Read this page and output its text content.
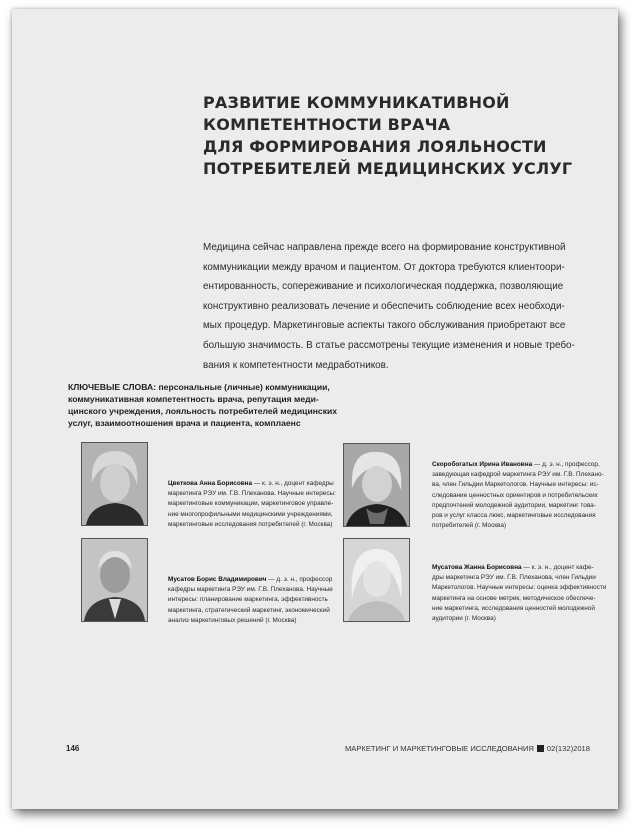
РАЗВИТИЕ КОММУНИКАТИВНОЙ
КОМПЕТЕНТНОСТИ ВРАЧА
ДЛЯ ФОРМИРОВАНИЯ ЛОЯЛЬНОСТИ
ПОТРЕБИТЕЛЕЙ МЕДИЦИНСКИХ УСЛУГ
Медицина сейчас направлена прежде всего на формирование конструктивной
коммуникации между врачом и пациентом. От доктора требуются клиентоори-
ентированность, сопереживание и психологическая поддержка, позволяющие
конструктивно реализовать лечение и обеспечить соблюдение всех необходи-
мых процедур. Маркетинговые аспекты такого обслуживания приобретают все
большую значимость. В статье рассмотрены текущие изменения и новые требо-
вания к компетентности медработников.
КЛЮЧЕВЫЕ СЛОВА: персональные (личные) коммуникации,
коммуникативная компетентность врача, репутация меди-
цинского учреждения, лояльность потребителей медицинских
услуг, взаимоотношения врача и пациента, комплаенс
Цветкова Анна Борисовна — к. э. н., доцент кафедры
маркетинга РЭУ им. Г.В. Плеханова. Научные интересы:
маркетинговые коммуникации, маркетинговое управле-
ние многопрофильными медицинскими учреждениями,
маркетинговые исследования потребителей (г. Москва)
Скоробогатых Ирина Ивановна — д. э. н., профессор,
заведующая кафедрой маркетинга РЭУ им. Г.В. Плехано-
ва, член Гильдии Маркетологов. Научные интересы: ис-
следование ценностных ориентиров и потребительских
предпочтений молодежной аудитории, маркетинг това-
ров и услуг класса люкс, маркетинговые исследования
потребителей (г. Москва)
Мусатов Борис Владимирович — д. э. н., профессор
кафедры маркетинга РЭУ им. Г.В. Плеханова. Научные
интересы: планирование маркетинга, эффективность
маркетинга, стратегический маркетинг, экономический
анализ маркетинговых решений (г. Москва)
Мусатова Жанна Борисовна — к. э. н., доцент кафе-
дры маркетинга РЭУ им. Г.В. Плеханова, член Гильдии
Маркетологов. Научные интересы: оценка эффективности
маркетинга на основе метрик, методическое обеспече-
ние маркетинга, исследования ценностей молодежной
аудитории (г. Москва)
146	МАРКЕТИНГ И МАРКЕТИНГОВЫЕ ИССЛЕДОВАНИЯ 02(132)2018
